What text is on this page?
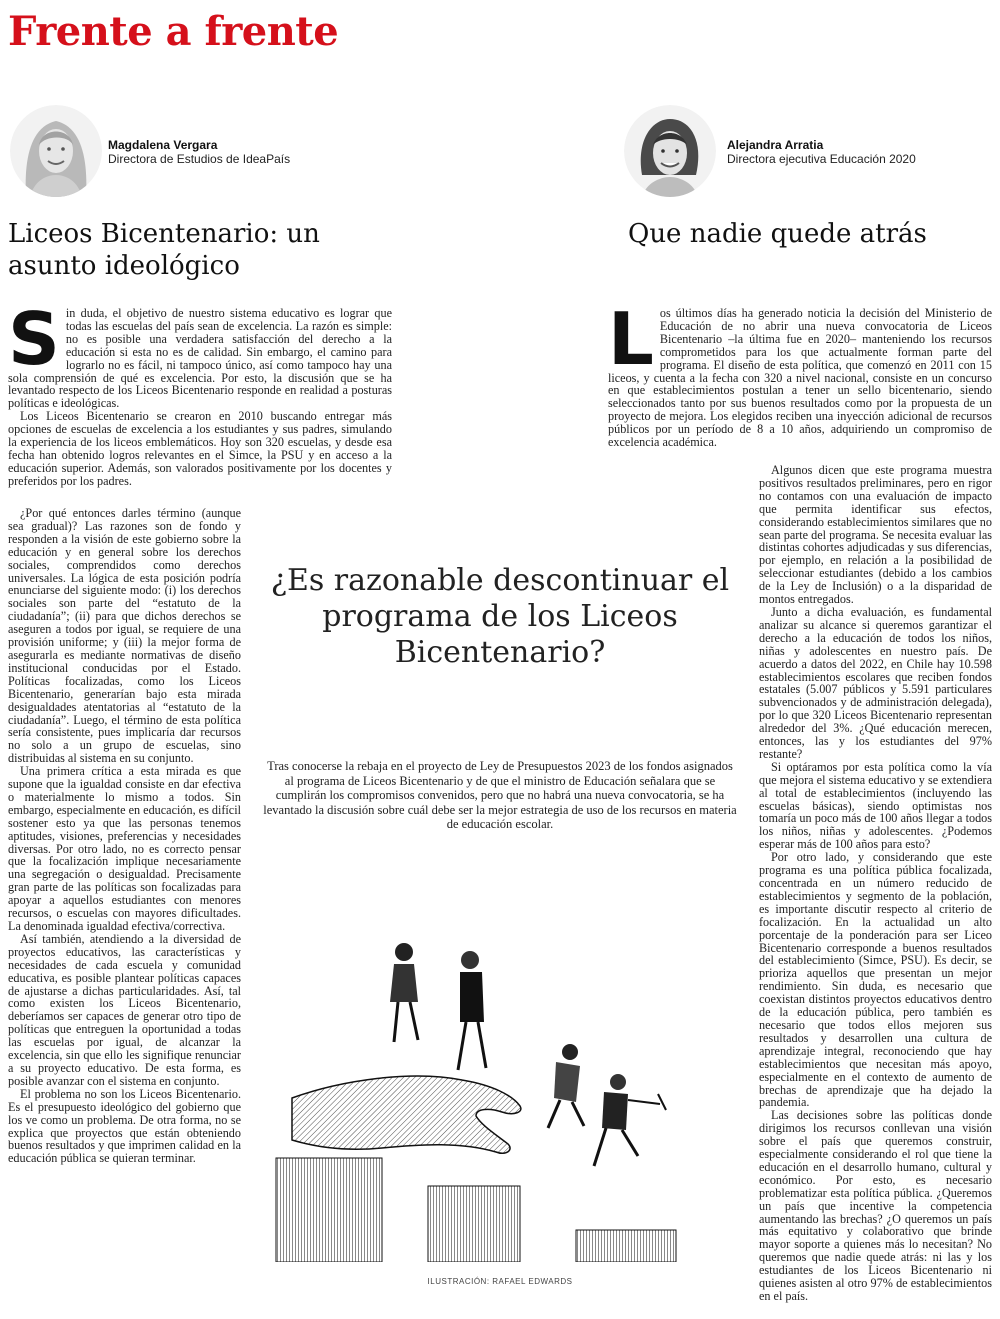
Frente a frente
Magdalena Vergara
Directora de Estudios de IdeaPaís
Alejandra Arratia
Directora ejecutiva Educación 2020
Liceos Bicentenario: un asunto ideológico
Que nadie quede atrás
S in duda, el objetivo de nuestro sistema educativo es lograr que todas las escuelas del país sean de excelencia. La razón es simple: no es posible una verdadera satisfacción del derecho a la educación si esta no es de calidad. Sin embargo, el camino para lograrlo no es fácil, ni tampoco único, así como tampoco hay una sola comprensión de qué es excelencia. Por esto, la discusión que se ha levantado respecto de los Liceos Bicentenario responde en realidad a posturas políticas e ideológicas.

Los Liceos Bicentenario se crearon en 2010 buscando entregar más opciones de escuelas de excelencia a los estudiantes y sus padres, simulando la experiencia de los liceos emblemáticos. Hoy son 320 escuelas, y desde esa fecha han obtenido logros relevantes en el Simce, la PSU y en acceso a la educación superior. Además, son valorados positivamente por los docentes y preferidos por los padres.

¿Por qué entonces darles término (aunque sea gradual)? Las razones son de fondo y responden a la visión de este gobierno sobre la educación y en general sobre los derechos sociales, comprendidos como derechos universales. La lógica de esta posición podría enunciarse del siguiente modo: (i) los derechos sociales son parte del “estatuto de la ciudadanía”; (ii) para que dichos derechos se aseguren a todos por igual, se requiere de una provisión uniforme; y (iii) la mejor forma de asegurarla es mediante normativas de diseño institucional conducidas por el Estado. Políticas focalizadas, como los Liceos Bicentenario, generarían bajo esta mirada desigualdades atentatorias al “estatuto de la ciudadanía”. Luego, el término de esta política sería consistente, pues implicaría dar recursos no solo a un grupo de escuelas, sino distribuidas al sistema en su conjunto.

Una primera crítica a esta mirada es que supone que la igualdad consiste en dar efectiva o materialmente lo mismo a todos. Sin embargo, especialmente en educación, es difícil sostener esto ya que las personas tenemos aptitudes, visiones, preferencias y necesidades diversas. Por otro lado, no es correcto pensar que la focalización implique necesariamente una segregación o desigualdad. Precisamente gran parte de las políticas son focalizadas para apoyar a aquellos estudiantes con menores recursos, o escuelas con mayores dificultades. La denominada igualdad efectiva/correctiva.

Así también, atendiendo a la diversidad de proyectos educativos, las características y necesidades de cada escuela y comunidad educativa, es posible plantear políticas capaces de ajustarse a dichas particularidades. Así, tal como existen los Liceos Bicentenario, deberíamos ser capaces de generar otro tipo de políticas que entreguen la oportunidad a todas las escuelas por igual, de alcanzar la excelencia, sin que ello les signifique renunciar a su proyecto educativo. De esta forma, es posible avanzar con el sistema en conjunto.

El problema no son los Liceos Bicentenario. Es el presupuesto ideológico del gobierno que los ve como un problema. De otra forma, no se explica que proyectos que están obteniendo buenos resultados y que imprimen calidad en la educación pública se quieran terminar.

L os últimos días ha generado noticia la decisión del Ministerio de Educación de no abrir una nueva convocatoria de Liceos Bicentenario –la última fue en 2020– manteniendo los recursos comprometidos para los que actualmente forman parte del programa. El diseño de esta política, que comenzó en 2011 con 15 liceos, y cuenta a la fecha con 320 a nivel nacional, consiste en un concurso en que establecimientos postulan a tener un sello bicentenario, siendo seleccionados tanto por sus buenos resultados como por la propuesta de un proyecto de mejora. Los elegidos reciben una inyección adicional de recursos públicos por un período de 8 a 10 años, adquiriendo un compromiso de excelencia académica.

Algunos dicen que este programa muestra positivos resultados preliminares, pero en rigor no contamos con una evaluación de impacto que permita identificar sus efectos, considerando establecimientos similares que no sean parte del programa. Se necesita evaluar las distintas cohortes adjudicadas y sus diferencias, por ejemplo, en relación a la posibilidad de seleccionar estudiantes (debido a los cambios de la Ley de Inclusión) o a la disparidad de montos entregados.

Junto a dicha evaluación, es fundamental analizar su alcance si queremos garantizar el derecho a la educación de todos los niños, niñas y adolescentes en nuestro país. De acuerdo a datos del 2022, en Chile hay 10.598 establecimientos escolares que reciben fondos estatales (5.007 públicos y 5.591 particulares subvencionados y de administración delegada), por lo que 320 Liceos Bicentenario representan alrededor del 3%. ¿Qué educación merecen, entonces, las y los estudiantes del 97% restante?

Si optáramos por esta política como la vía que mejora el sistema educativo y se extendiera al total de establecimientos (incluyendo las escuelas básicas), siendo optimistas nos tomaría un poco más de 100 años llegar a todos los niños, niñas y adolescentes. ¿Podemos esperar más de 100 años para esto?

Por otro lado, y considerando que este programa es una política pública focalizada, concentrada en un número reducido de establecimientos y segmento de la población, es importante discutir respecto al criterio de focalización. En la actualidad un alto porcentaje de la ponderación para ser Liceo Bicentenario corresponde a buenos resultados del establecimiento (Simce, PSU). Es decir, se prioriza aquellos que presentan un mejor rendimiento. Sin duda, es necesario que coexistan distintos proyectos educativos dentro de la educación pública, pero también es necesario que todos ellos mejoren sus resultados y desarrollen una cultura de aprendizaje integral, reconociendo que hay establecimientos que necesitan más apoyo, especialmente en el contexto de aumento de brechas de aprendizaje que ha dejado la pandemia.

Las decisiones sobre las políticas donde dirigimos los recursos conllevan una visión sobre el país que queremos construir, especialmente considerando el rol que tiene la educación en el desarrollo humano, cultural y económico. Por esto, es necesario problematizar esta política pública. ¿Queremos un país que incentive la competencia aumentando las brechas? ¿O queremos un país más equitativo y colaborativo que brinde mayor soporte a quienes más lo necesitan? No queremos que nadie quede atrás: ni las y los estudiantes de los Liceos Bicentenario ni quienes asisten al otro 97% de establecimientos en el país.

¿Es razonable descontinuar el programa de los Liceos Bicentenario?
Tras conocerse la rebaja en el proyecto de Ley de Presupuestos 2023 de los fondos asignados al programa de Liceos Bicentenario y de que el ministro de Educación señalara que se cumplirán los compromisos convenidos, pero que no habrá una nueva convocatoria, se ha levantado la discusión sobre cuál debe ser la mejor estrategia de uso de los recursos en materia de educación escolar.
ILUSTRACIÓN: RAFAEL EDWARDS
